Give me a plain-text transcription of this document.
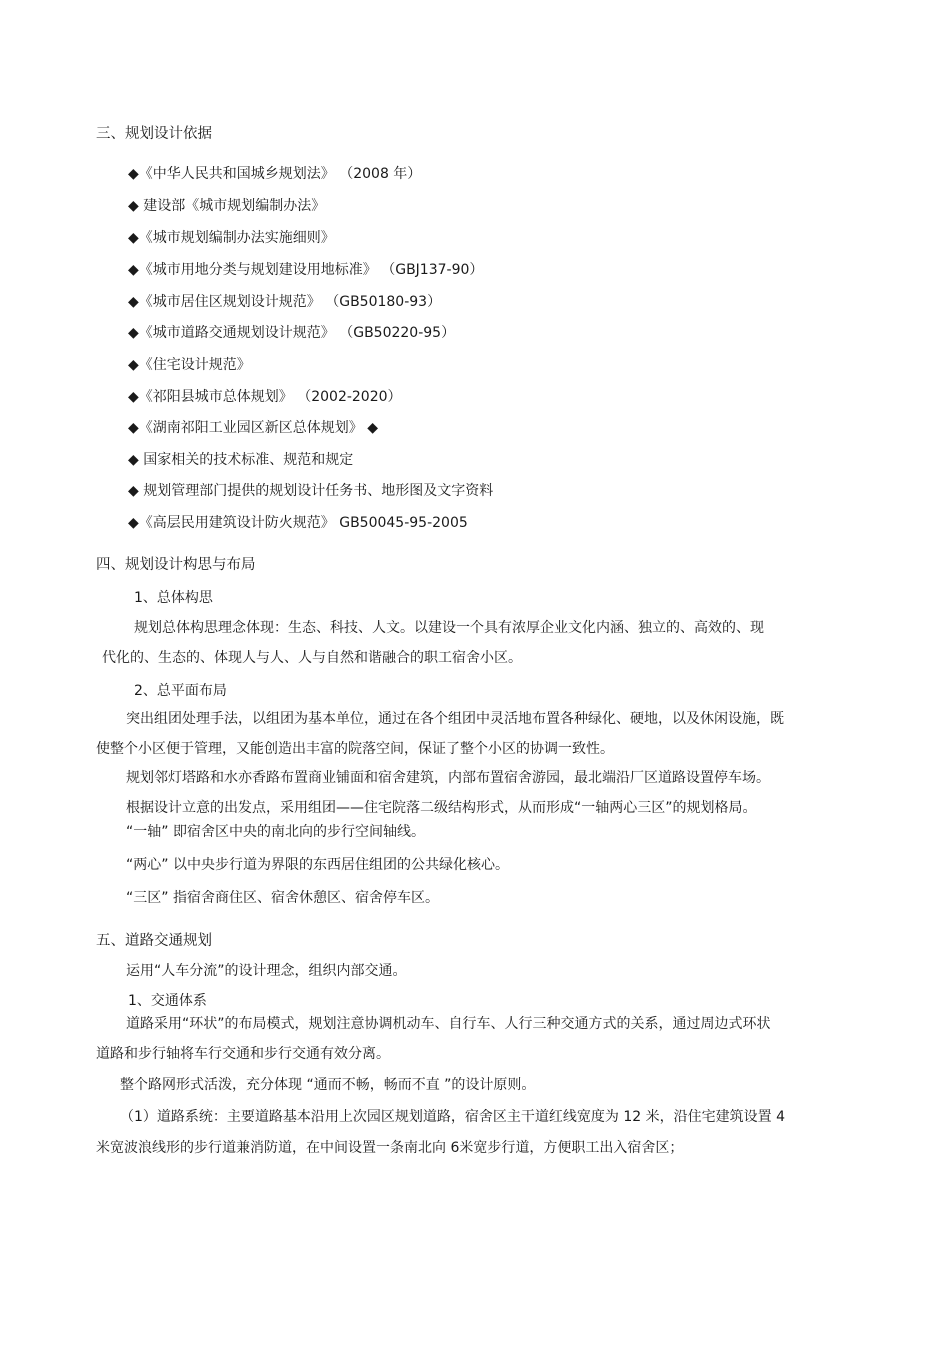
三、规划设计依据
◆《中华人民共和国城乡规划法》 （2008 年）
◆ 建设部《城市规划编制办法》
◆《城市规划编制办法实施细则》
◆《城市用地分类与规划建设用地标准》 （GBJ137-90）
◆《城市居住区规划设计规范》 （GB50180-93）
◆《城市道路交通规划设计规范》 （GB50220-95）
◆《住宅设计规范》
◆《祁阳县城市总体规划》 （2002-2020）
◆《湖南祁阳工业园区新区总体规划》 ◆
◆ 国家相关的技术标准、规范和规定
◆ 规划管理部门提供的规划设计任务书、地形图及文字资料
◆《高层民用建筑设计防火规范》 GB50045-95-2005
四、规划设计构思与布局
1、总体构思
规划总体构思理念体现：生态、科技、人文。以建设一个具有浓厚企业文化内涵、独立的、高效的、现
代化的、生态的、体现人与人、人与自然和谐融合的职工宿舍小区。
2、总平面布局
突出组团处理手法，以组团为基本单位，通过在各个组团中灵活地布置各种绿化、硬地，以及休闲设施，既
使整个小区便于管理，又能创造出丰富的院落空间，保证了整个小区的协调一致性。
规划邻灯塔路和水亦香路布置商业铺面和宿舍建筑，内部布置宿舍游园，最北端沿厂区道路设置停车场。
根据设计立意的出发点，采用组团——住宅院落二级结构形式，从而形成“一轴两心三区”的规划格局。
“一轴” 即宿舍区中央的南北向的步行空间轴线。
“两心” 以中央步行道为界限的东西居住组团的公共绿化核心。
“三区” 指宿舍商住区、宿舍休憩区、宿舍停车区。
五、道路交通规划
运用“人车分流”的设计理念，组织内部交通。
1、交通体系
道路采用“环状”的布局模式，规划注意协调机动车、自行车、人行三种交通方式的关系，通过周边式环状
道路和步行轴将车行交通和步行交通有效分离。
整个路网形式活泼，充分体现 “通而不畅，畅而不直 ”的设计原则。
（1）道路系统：主要道路基本沿用上次园区规划道路，宿舍区主干道红线宽度为 12 米，沿住宅建筑设置 4
米宽波浪线形的步行道兼消防道，在中间设置一条南北向 6米宽步行道，方便职工出入宿舍区；
